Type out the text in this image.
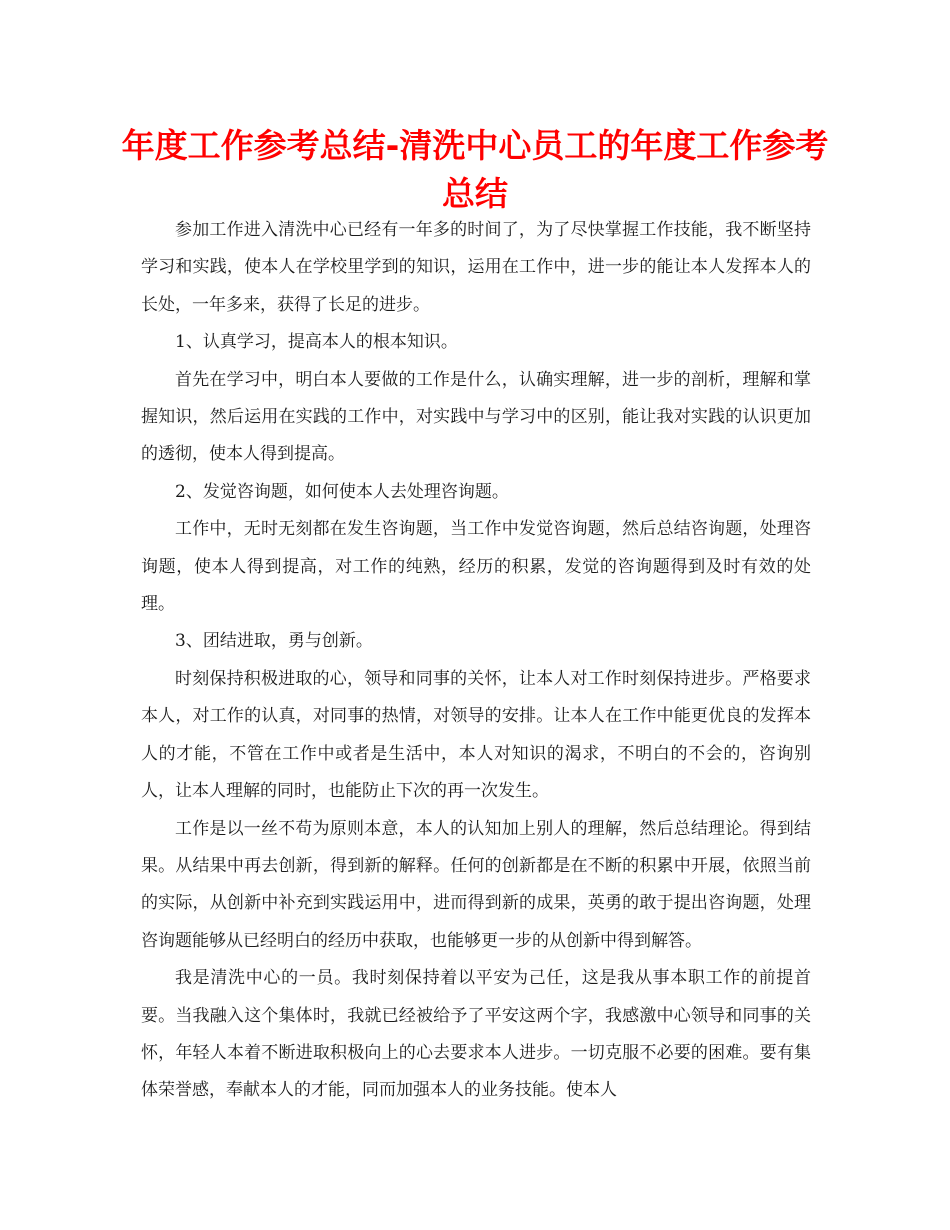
年度工作参考总结-清洗中心员工的年度工作参考总结

参加工作进入清洗中心已经有一年多的时间了，为了尽快掌握工作技能，我不断坚持学习和实践，使本人在学校里学到的知识，运用在工作中，进一步的能让本人发挥本人的长处，一年多来，获得了长足的进步。

1、认真学习，提高本人的根本知识。

首先在学习中，明白本人要做的工作是什么，认确实理解，进一步的剖析，理解和掌握知识，然后运用在实践的工作中，对实践中与学习中的区别，能让我对实践的认识更加的透彻，使本人得到提高。

2、发觉咨询题，如何使本人去处理咨询题。

工作中，无时无刻都在发生咨询题，当工作中发觉咨询题，然后总结咨询题，处理咨询题，使本人得到提高，对工作的纯熟，经历的积累，发觉的咨询题得到及时有效的处理。

3、团结进取，勇与创新。

时刻保持积极进取的心，领导和同事的关怀，让本人对工作时刻保持进步。严格要求本人，对工作的认真，对同事的热情，对领导的安排。让本人在工作中能更优良的发挥本人的才能，不管在工作中或者是生活中，本人对知识的渴求，不明白的不会的，咨询别人，让本人理解的同时，也能防止下次的再一次发生。

工作是以一丝不苟为原则本意，本人的认知加上别人的理解，然后总结理论。得到结果。从结果中再去创新，得到新的解释。任何的创新都是在不断的积累中开展，依照当前的实际，从创新中补充到实践运用中，进而得到新的成果，英勇的敢于提出咨询题，处理咨询题能够从已经明白的经历中获取，也能够更一步的从创新中得到解答。

我是清洗中心的一员。我时刻保持着以平安为己任，这是我从事本职工作的前提首要。当我融入这个集体时，我就已经被给予了平安这两个字，我感激中心领导和同事的关怀，年轻人本着不断进取积极向上的心去要求本人进步。一切克服不必要的困难。要有集体荣誉感，奉献本人的才能，同而加强本人的业务技能。使本人
